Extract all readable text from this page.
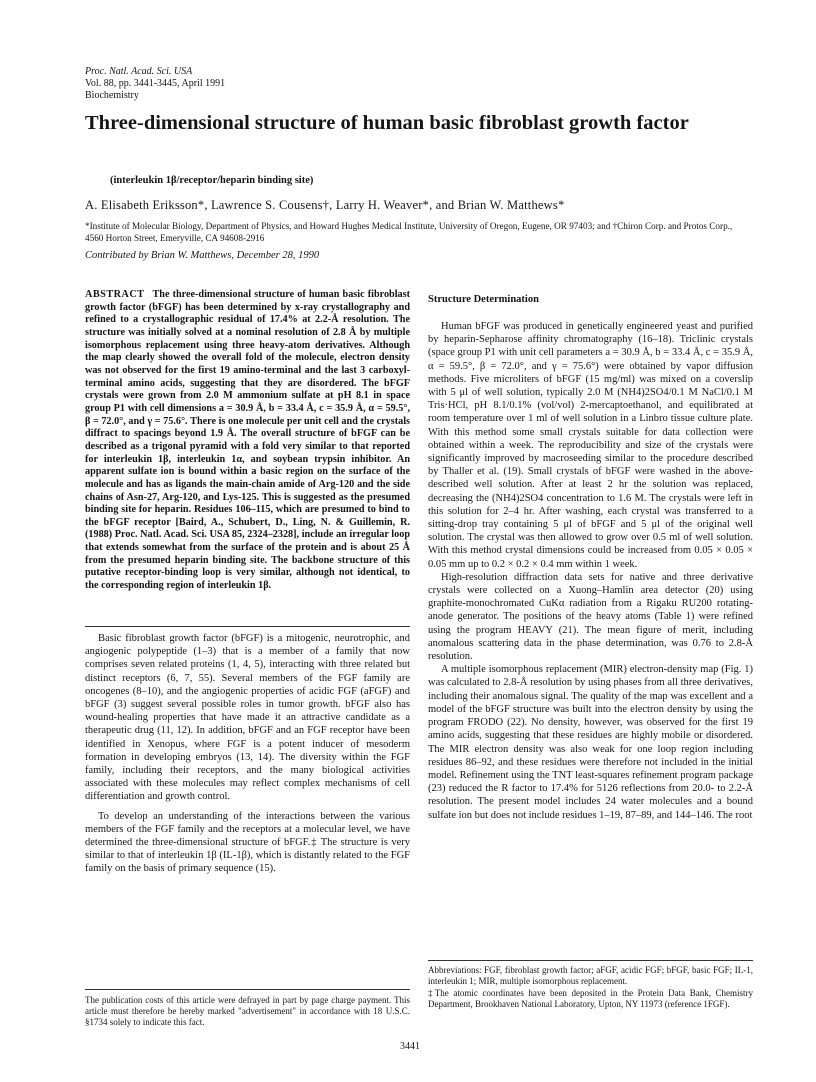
Proc. Natl. Acad. Sci. USA
Vol. 88, pp. 3441-3445, April 1991
Biochemistry
Three-dimensional structure of human basic fibroblast growth factor
(interleukin 1β/receptor/heparin binding site)
A. Elisabeth Eriksson*, Lawrence S. Cousens†, Larry H. Weaver*, and Brian W. Matthews*
*Institute of Molecular Biology, Department of Physics, and Howard Hughes Medical Institute, University of Oregon, Eugene, OR 97403; and †Chiron Corp. and Protos Corp., 4560 Horton Street, Emeryville, CA 94608-2916
Contributed by Brian W. Matthews, December 28, 1990
ABSTRACT The three-dimensional structure of human basic fibroblast growth factor (bFGF) has been determined by x-ray crystallography and refined to a crystallographic residual of 17.4% at 2.2-Å resolution. The structure was initially solved at a nominal resolution of 2.8 Å by multiple isomorphous replacement using three heavy-atom derivatives. Although the map clearly showed the overall fold of the molecule, electron density was not observed for the first 19 amino-terminal and the last 3 carboxyl-terminal amino acids, suggesting that they are disordered. The bFGF crystals were grown from 2.0 M ammonium sulfate at pH 8.1 in space group P1 with cell dimensions a = 30.9 Å, b = 33.4 Å, c = 35.9 Å, α = 59.5°, β = 72.0°, and γ = 75.6°. There is one molecule per unit cell and the crystals diffract to spacings beyond 1.9 Å. The overall structure of bFGF can be described as a trigonal pyramid with a fold very similar to that reported for interleukin 1β, interleukin 1α, and soybean trypsin inhibitor. An apparent sulfate ion is bound within a basic region on the surface of the molecule and has as ligands the main-chain amide of Arg-120 and the side chains of Asn-27, Arg-120, and Lys-125. This is suggested as the presumed binding site for heparin. Residues 106–115, which are presumed to bind to the bFGF receptor [Baird, A., Schubert, D., Ling, N. & Guillemin, R. (1988) Proc. Natl. Acad. Sci. USA 85, 2324–2328], include an irregular loop that extends somewhat from the surface of the protein and is about 25 Å from the presumed heparin binding site. The backbone structure of this putative receptor-binding loop is very similar, although not identical, to the corresponding region of interleukin 1β.

Basic fibroblast growth factor (bFGF) is a mitogenic, neurotrophic, and angiogenic polypeptide (1–3) that is a member of a family that now comprises seven related proteins (1, 4, 5), interacting with three related but distinct receptors (6, 7, 55). Several members of the FGF family are oncogenes (8–10), and the angiogenic properties of acidic FGF (aFGF) and bFGF (3) suggest several possible roles in tumor growth. bFGF also has wound-healing properties that have made it an attractive candidate as a therapeutic drug (11, 12). In addition, bFGF and an FGF receptor have been identified in Xenopus, where FGF is a potent inducer of mesoderm formation in developing embryos (13, 14). The diversity within the FGF family, including their receptors, and the many biological activities associated with these molecules may reflect complex mechanisms of cell differentiation and growth control.

To develop an understanding of the interactions between the various members of the FGF family and the receptors at a molecular level, we have determined the three-dimensional structure of bFGF.‡ The structure is very similar to that of interleukin 1β (IL-1β), which is distantly related to the FGF family on the basis of primary sequence (15).

The publication costs of this article were defrayed in part by page charge payment. This article must therefore be hereby marked "advertisement" in accordance with 18 U.S.C. §1734 solely to indicate this fact.
Structure Determination

Human bFGF was produced in genetically engineered yeast and purified by heparin-Sepharose affinity chromatography (16–18). Triclinic crystals (space group P1 with unit cell parameters a = 30.9 Å, b = 33.4 Å, c = 35.9 Å, α = 59.5°, β = 72.0°, and γ = 75.6°) were obtained by vapor diffusion methods. Five microliters of bFGF (15 mg/ml) was mixed on a coverslip with 5 μl of well solution, typically 2.0 M (NH4)2SO4/0.1 M NaCl/0.1 M Tris·HCl, pH 8.1/0.1% (vol/vol) 2-mercaptoethanol, and equilibrated at room temperature over 1 ml of well solution in a Linbro tissue culture plate. With this method some small crystals suitable for data collection were obtained within a week. The reproducibility and size of the crystals were significantly improved by macroseeding similar to the procedure described by Thaller et al. (19). Small crystals of bFGF were washed in the above-described well solution. After at least 2 hr the solution was replaced, decreasing the (NH4)2SO4 concentration to 1.6 M. The crystals were left in this solution for 2–4 hr. After washing, each crystal was transferred to a sitting-drop tray containing 5 μl of bFGF and 5 μl of the original well solution. The crystal was then allowed to grow over 0.5 ml of well solution. With this method crystal dimensions could be increased from 0.05 × 0.05 × 0.05 mm up to 0.2 × 0.2 × 0.4 mm within 1 week.

High-resolution diffraction data sets for native and three derivative crystals were collected on a Xuong–Hamlin area detector (20) using graphite-monochromated CuKα radiation from a Rigaku RU200 rotating-anode generator. The positions of the heavy atoms (Table 1) were refined using the program HEAVY (21). The mean figure of merit, including anomalous scattering data in the phase determination, was 0.76 to 2.8-Å resolution.

A multiple isomorphous replacement (MIR) electron-density map (Fig. 1) was calculated to 2.8-Å resolution by using phases from all three derivatives, including their anomalous signal. The quality of the map was excellent and a model of the bFGF structure was built into the electron density by using the program FRODO (22). No density, however, was observed for the first 19 amino acids, suggesting that these residues are highly mobile or disordered. The MIR electron density was also weak for one loop region including residues 86–92, and these residues were therefore not included in the initial model. Refinement using the TNT least-squares refinement program package (23) reduced the R factor to 17.4% for 5126 reflections from 20.0- to 2.2-Å resolution. The present model includes 24 water molecules and a bound sulfate ion but does not include residues 1–19, 87–89, and 144–146. The root

Abbreviations: FGF, fibroblast growth factor; aFGF, acidic FGF; bFGF, basic FGF; IL-1, interleukin 1; MIR, multiple isomorphous replacement.
‡The atomic coordinates have been deposited in the Protein Data Bank, Chemistry Department, Brookhaven National Laboratory, Upton, NY 11973 (reference 1FGF).
3441
